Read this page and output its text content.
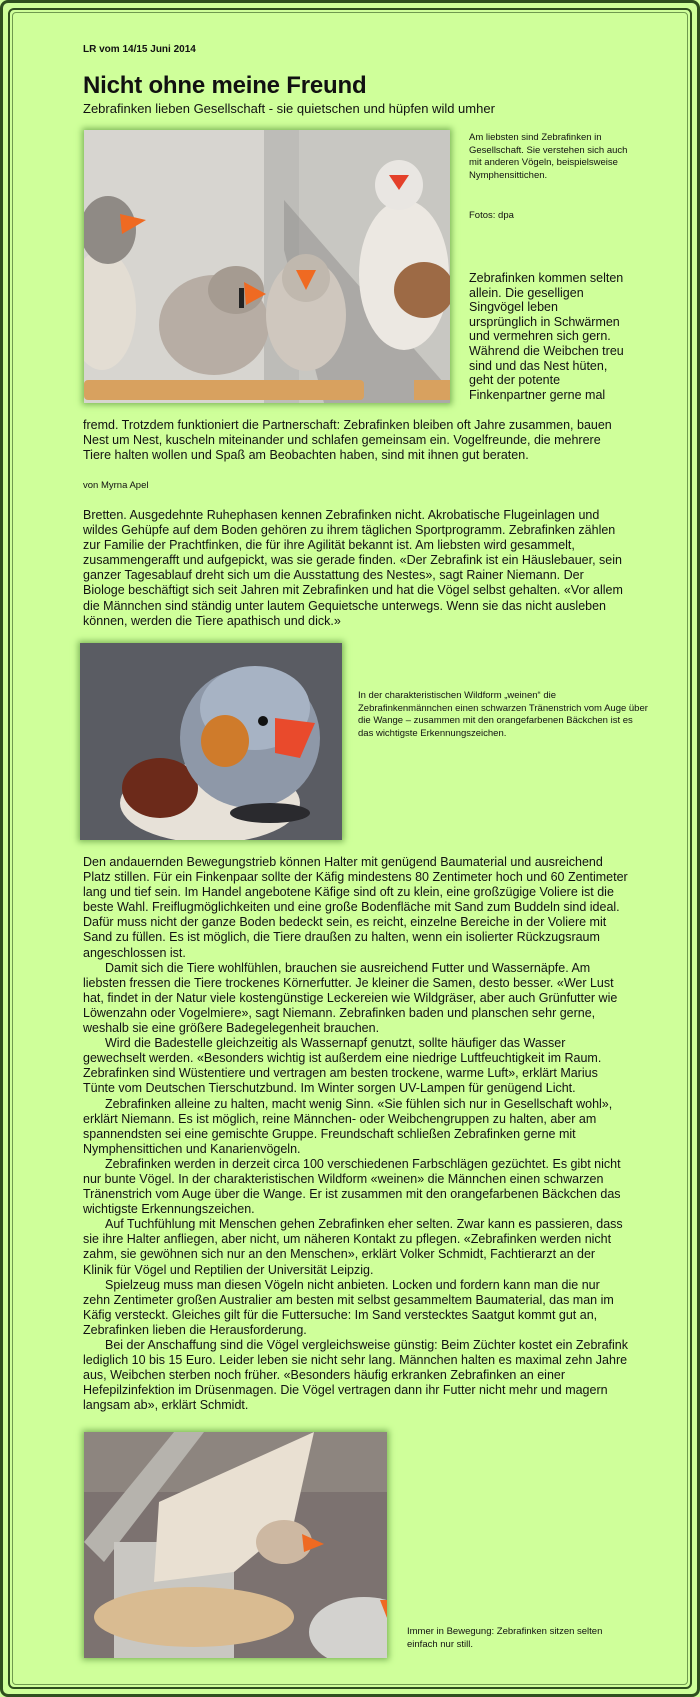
LR vom 14/15 Juni 2014
Nicht ohne meine Freund
Zebrafinken lieben Gesellschaft - sie quietschen und hüpfen wild umher
Am liebsten sind Zebrafinken in Gesellschaft. Sie verstehen sich auch mit anderen Vögeln, beispielsweise Nymphensittichen.
Fotos: dpa
Zebrafinken kommen selten allein. Die geselligen Singvögel leben ursprünglich in Schwärmen und vermehren sich gern. Während die Weibchen treu sind und das Nest hüten, geht der potente Finkenpartner gerne mal
fremd. Trotzdem funktioniert die Partnerschaft: Zebrafinken bleiben oft Jahre zusammen, bauen Nest um Nest, kuscheln miteinander und schlafen gemeinsam ein. Vogelfreunde, die mehrere Tiere halten wollen und Spaß am Beobachten haben, sind mit ihnen gut beraten.
von Myrna Apel
Bretten. Ausgedehnte Ruhephasen kennen Zebrafinken nicht. Akrobatische Flugeinlagen und wildes Gehüpfe auf dem Boden gehören zu ihrem täglichen Sportprogramm. Zebrafinken zählen zur Familie der Prachtfinken, die für ihre Agilität bekannt ist. Am liebsten wird gesammelt, zusammengerafft und aufgepickt, was sie gerade finden. «Der Zebrafink ist ein Häuslebauer, sein ganzer Tagesablauf dreht sich um die Ausstattung des Nestes», sagt Rainer Niemann. Der Biologe beschäftigt sich seit Jahren mit Zebrafinken und hat die Vögel selbst gehalten. «Vor allem die Männchen sind ständig unter lautem Gequietsche unterwegs. Wenn sie das nicht ausleben können, werden die Tiere apathisch und dick.»
In der charakteristischen Wildform „weinen“ die Zebrafinkenmännchen einen schwarzen Tränenstrich vom Auge über die Wange – zusammen mit den orangefarbenen Bäckchen ist es das wichtigste Erkennungszeichen.

Den andauernden Bewegungstrieb können Halter mit genügend Baumaterial und ausreichend Platz stillen. Für ein Finkenpaar sollte der Käfig mindestens 80 Zentimeter hoch und 60 Zentimeter lang und tief sein. Im Handel angebotene Käfige sind oft zu klein, eine großzügige Voliere ist die beste Wahl. Freiflugmöglichkeiten und eine große Bodenfläche mit Sand zum Buddeln sind ideal. Dafür muss nicht der ganze Boden bedeckt sein, es reicht, einzelne Bereiche in der Voliere mit Sand zu füllen. Es ist möglich, die Tiere draußen zu halten, wenn ein isolierter Rückzugsraum angeschlossen ist.

Damit sich die Tiere wohlfühlen, brauchen sie ausreichend Futter und Wassernäpfe. Am liebsten fressen die Tiere trockenes Körnerfutter. Je kleiner die Samen, desto besser. «Wer Lust hat, findet in der Natur viele kostengünstige Leckereien wie Wildgräser, aber auch Grünfutter wie Löwenzahn oder Vogelmiere», sagt Niemann. Zebrafinken baden und planschen sehr gerne, weshalb sie eine größere Badegelegenheit brauchen.

Wird die Badestelle gleichzeitig als Wassernapf genutzt, sollte häufiger das Wasser gewechselt werden. «Besonders wichtig ist außerdem eine niedrige Luftfeuchtigkeit im Raum. Zebrafinken sind Wüstentiere und vertragen am besten trockene, warme Luft», erklärt Marius Tünte vom Deutschen Tierschutzbund. Im Winter sorgen UV-Lampen für genügend Licht.

Zebrafinken alleine zu halten, macht wenig Sinn. «Sie fühlen sich nur in Gesellschaft wohl», erklärt Niemann. Es ist möglich, reine Männchen- oder Weibchengruppen zu halten, aber am spannendsten sei eine gemischte Gruppe. Freundschaft schließen Zebrafinken gerne mit Nymphensittichen und Kanarienvögeln.

Zebrafinken werden in derzeit circa 100 verschiedenen Farbschlägen gezüchtet. Es gibt nicht nur bunte Vögel. In der charakteristischen Wildform «weinen» die Männchen einen schwarzen Tränenstrich vom Auge über die Wange. Er ist zusammen mit den orangefarbenen Bäckchen das wichtigste Erkennungszeichen.

Auf Tuchfühlung mit Menschen gehen Zebrafinken eher selten. Zwar kann es passieren, dass sie ihre Halter anfliegen, aber nicht, um näheren Kontakt zu pflegen. «Zebrafinken werden nicht zahm, sie gewöhnen sich nur an den Menschen», erklärt Volker Schmidt, Fachtierarzt an der Klinik für Vögel und Reptilien der Universität Leipzig.

Spielzeug muss man diesen Vögeln nicht anbieten. Locken und fordern kann man die nur zehn Zentimeter großen Australier am besten mit selbst gesammeltem Baumaterial, das man im Käfig versteckt. Gleiches gilt für die Futtersuche: Im Sand verstecktes Saatgut kommt gut an, Zebrafinken lieben die Herausforderung.

Bei der Anschaffung sind die Vögel vergleichsweise günstig: Beim Züchter kostet ein Zebrafink lediglich 10 bis 15 Euro. Leider leben sie nicht sehr lang. Männchen halten es maximal zehn Jahre aus, Weibchen sterben noch früher. «Besonders häufig erkranken Zebrafinken an einer Hefepilzinfektion im Drüsenmagen. Die Vögel vertragen dann ihr Futter nicht mehr und magern langsam ab», erklärt Schmidt.

Immer in Bewegung: Zebrafinken sitzen selten einfach nur still.
